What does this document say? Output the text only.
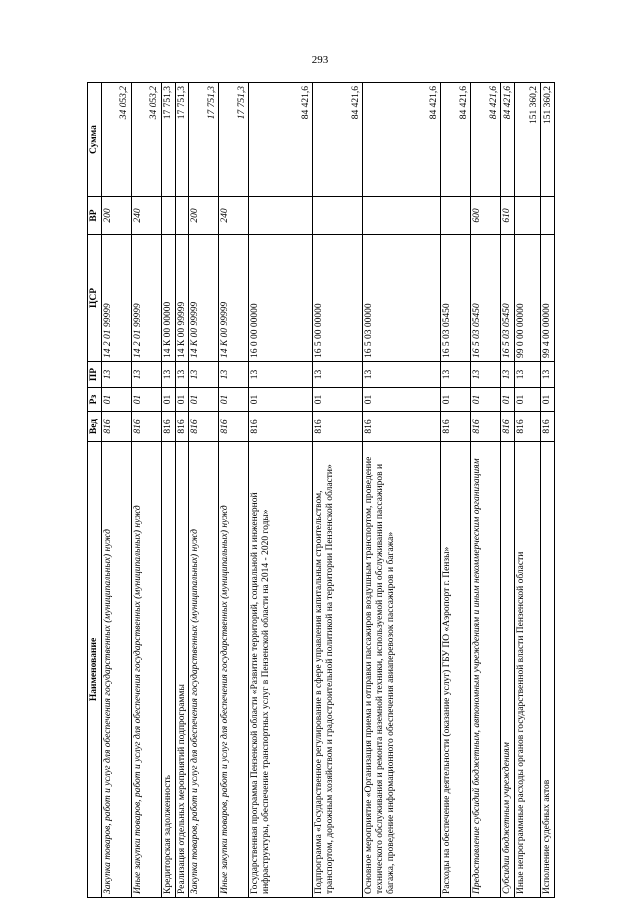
293
Наименование	Вед	Рз	ПР	ЦСР	ВР	Сумма
Закупка товаров, работ и услуг для обеспечения государственных (муниципальных) нужд	816	01	13	14 2 01 99999	200	34 053,2
Иные закупки товаров, работ и услуг для обеспечения государственных (муниципальных) нужд	816	01	13	14 2 01 99999	240	34 053,2
Кредиторская задолженность	816	01	13	14 К 00 00000		17 751,3
Реализация отдельных мероприятий подпрограммы	816	01	13	14 К 00 99999		17 751,3
Закупка товаров, работ и услуг для обеспечения государственных (муниципальных) нужд	816	01	13	14 К 00 99999	200	17 751,3
Иные закупки товаров, работ и услуг для обеспечения государственных (муниципальных) нужд	816	01	13	14 К 00 99999	240	17 751,3
Государственная программа Пензенской области «Развитие территорий, социальной и инженерной инфраструктуры, обеспечение транспортных услуг в Пензенской области на 2014 - 2020 годы»	816	01	13	16 0 00 00000		84 421,6
Подпрограмма «Государственное регулирование в сфере управления капитальным строительством, транспортом, дорожным хозяйством и градостроительной политикой на территории Пензенской области»	816	01	13	16 5 00 00000		84 421,6
Основное мероприятие «Организация приема и отправки пассажиров воздушным транспортом, проведение технического обслуживания и ремонта наземной техники, используемой при обслуживании пассажиров и багажа, проведение информационного обеспечения авиаперевозок пассажиров и багажа»	816	01	13	16 5 03 00000		84 421,6
Расходы на обеспечение деятельности (оказание услуг) ГБУ ПО «Аэропорт г. Пензы»	816	01	13	16 5 03 05450		84 421,6
Предоставление субсидий бюджетным, автономным учреждениям и иным некоммерческим организациям	816	01	13	16 5 03 05450	600	84 421,6
Субсидии бюджетным учреждениям	816	01	13	16 5 03 05450	610	84 421,6
Иные непрограммные расходы органов государственной власти Пензенской области	816	01	13	99 0 00 00000		151 360,2
Исполнение судебных актов	816	01	13	99 4 00 00000		151 360,2
